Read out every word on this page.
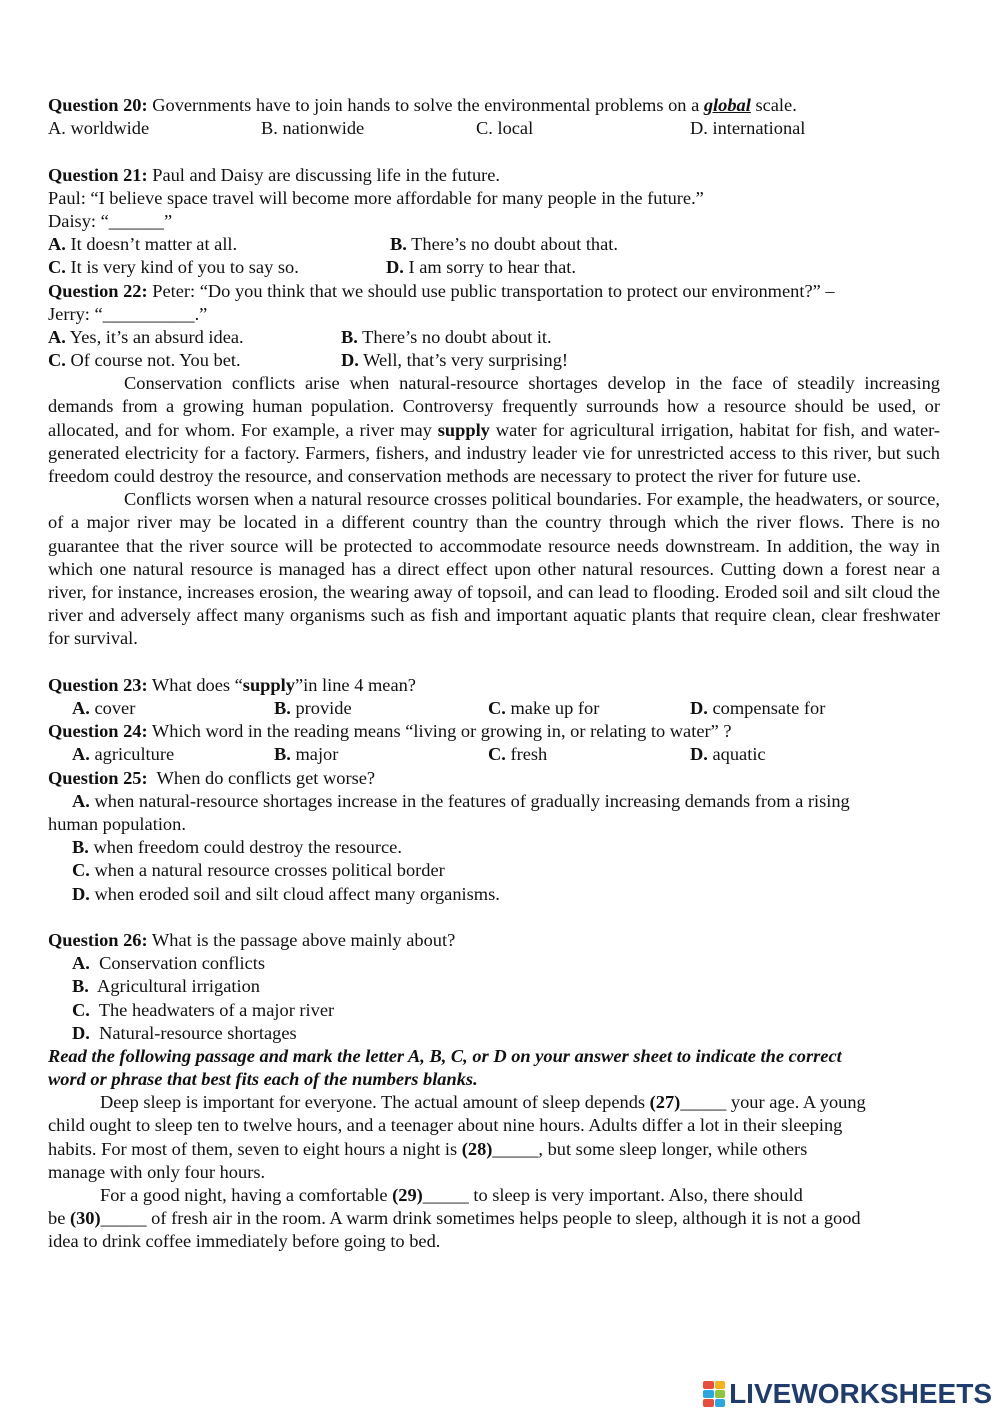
Question 20: Governments have to join hands to solve the environmental problems on a global scale.
A. worldwide	B. nationwide	C. local	D. international
Question 21: Paul and Daisy are discussing life in the future.
Paul: “I believe space travel will become more affordable for many people in the future.”
Daisy: “______”
A. It doesn’t matter at all.	B. There’s no doubt about that.
C. It is very kind of you to say so.	D. I am sorry to hear that.
Question 22: Peter: “Do you think that we should use public transportation to protect our environment?” –
Jerry: “__________.”
A. Yes, it’s an absurd idea.	B. There’s no doubt about it.
C. Of course not. You bet.	D. Well, that’s very surprising!

Conservation conflicts arise when natural-resource shortages develop in the face of steadily increasing demands from a growing human population. Controversy frequently surrounds how a resource should be used, or allocated, and for whom. For example, a river may supply water for agricultural irrigation, habitat for fish, and water-generated electricity for a factory. Farmers, fishers, and industry leader vie for unrestricted access to this river, but such freedom could destroy the resource, and conservation methods are necessary to protect the river for future use.

Conflicts worsen when a natural resource crosses political boundaries. For example, the headwaters, or source, of a major river may be located in a different country than the country through which the river flows. There is no guarantee that the river source will be protected to accommodate resource needs downstream. In addition, the way in which one natural resource is managed has a direct effect upon other natural resources. Cutting down a forest near a river, for instance, increases erosion, the wearing away of topsoil, and can lead to flooding. Eroded soil and silt cloud the river and adversely affect many organisms such as fish and important aquatic plants that require clean, clear freshwater for survival.

Question 23: What does “supply”in line 4 mean?
A. cover	B. provide	C. make up for	D. compensate for
Question 24: Which word in the reading means “living or growing in, or relating to water” ?
A. agriculture	B. major	C. fresh	D. aquatic
Question 25:  When do conflicts get worse?

A. when natural-resource shortages increase in the features of gradually increasing demands from a rising

human population.
B. when freedom could destroy the resource.
C. when a natural resource crosses political border
D. when eroded soil and silt cloud affect many organisms.
Question 26: What is the passage above mainly about?
A.  Conservation conflicts
B.  Agricultural irrigation
C.  The headwaters of a major river
D.  Natural-resource shortages
Read the following passage and mark the letter A, B, C, or D on your answer sheet to indicate the correct
word or phrase that best fits each of the numbers blanks.
Deep sleep is important for everyone. The actual amount of sleep depends (27)_____ your age. A young
child ought to sleep ten to twelve hours, and a teenager about nine hours. Adults differ a lot in their sleeping
habits. For most of them, seven to eight hours a night is (28)_____, but some sleep longer, while others
manage with only four hours.
For a good night, having a comfortable (29)_____ to sleep is very important. Also, there should
be (30)_____ of fresh air in the room. A warm drink sometimes helps people to sleep, although it is not a good
idea to drink coffee immediately before going to bed.
LIVEWORKSHEETS
